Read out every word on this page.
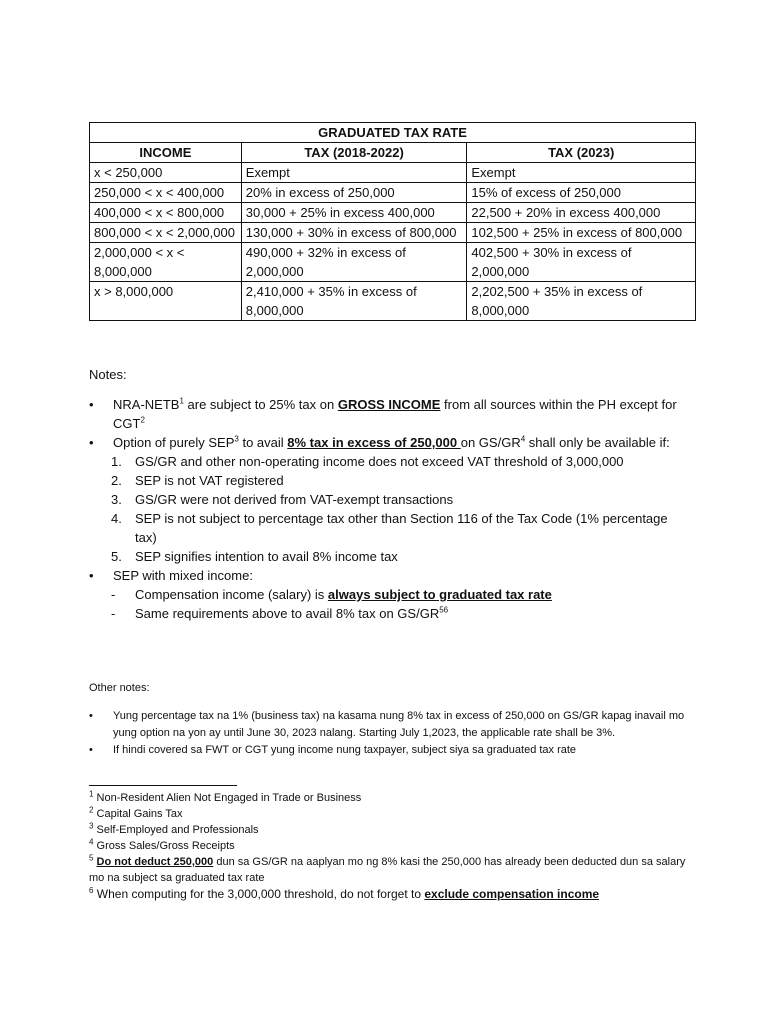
GRADUATED TAX RATE		
INCOME	TAX (2018-2022)	TAX (2023)
x < 250,000	Exempt	Exempt
250,000 < x < 400,000	20% in excess of 250,000	15% of excess of 250,000
400,000 < x < 800,000	30,000 + 25% in excess 400,000	22,500 + 20% in excess 400,000
800,000 < x < 2,000,000	130,000 + 30% in excess of 800,000	102,500 + 25% in excess of 800,000
2,000,000 < x < 8,000,000	490,000 + 32% in excess of 2,000,000	402,500 + 30% in excess of 2,000,000
x > 8,000,000	2,410,000 + 35% in excess of 8,000,000	2,202,500 + 35% in excess of 8,000,000
Notes:
•	NRA-NETB$^1$ are subject to 25% tax on GROSS INCOME from all sources within the PH except for CGT$^2$
•	Option of purely SEP$^3$ to avail 8% tax in excess of 250,000 on $GS/GR^4$ shall only be available if:
1. GS/GR and other non-operating income does not exceed VAT threshold of 3,000,000
2. SEP is not VAT registered
3. GS/GR were not derived from VAT-exempt transactions
4. SEP is not subject to percentage tax other than Section 116 of the Tax Code (1% percentage tax)
5. SEP signifies intention to avail 8% income tax
•	SEP with mixed income:
- Compensation income (salary) is always subject to graduated tax rate
- Same requirements above to avail 8% tax on GS/GR$^{56}$
Other notes:
•	Yung percentage tax na 1% (business tax) na kasama nung 8% tax in excess of 250,000 on GS/GR kapag inavail mo yung option na yon ay until June 30, 2023 nalang. Starting July 1,2023, the applicable rate shall be 3%.
•	If hindi covered sa FWT or CGT yung income nung taxpayer, subject siya sa graduated tax rate

$^1$ Non-Resident Alien Not Engaged in Trade or Business

$^2$ Capital Gains Tax

$^3$ Self-Employed and Professionals

$^4$ Gross Sales/Gross Receipts

$^5$ Do not deduct 250,000 dun sa GS/GR na aaplyan mo ng 8% kasi the 250,000 has already been deducted dun sa salary mo na subject sa graduated tax rate

$^6$ When computing for the 3,000,000 threshold, do not forget to exclude compensation income
